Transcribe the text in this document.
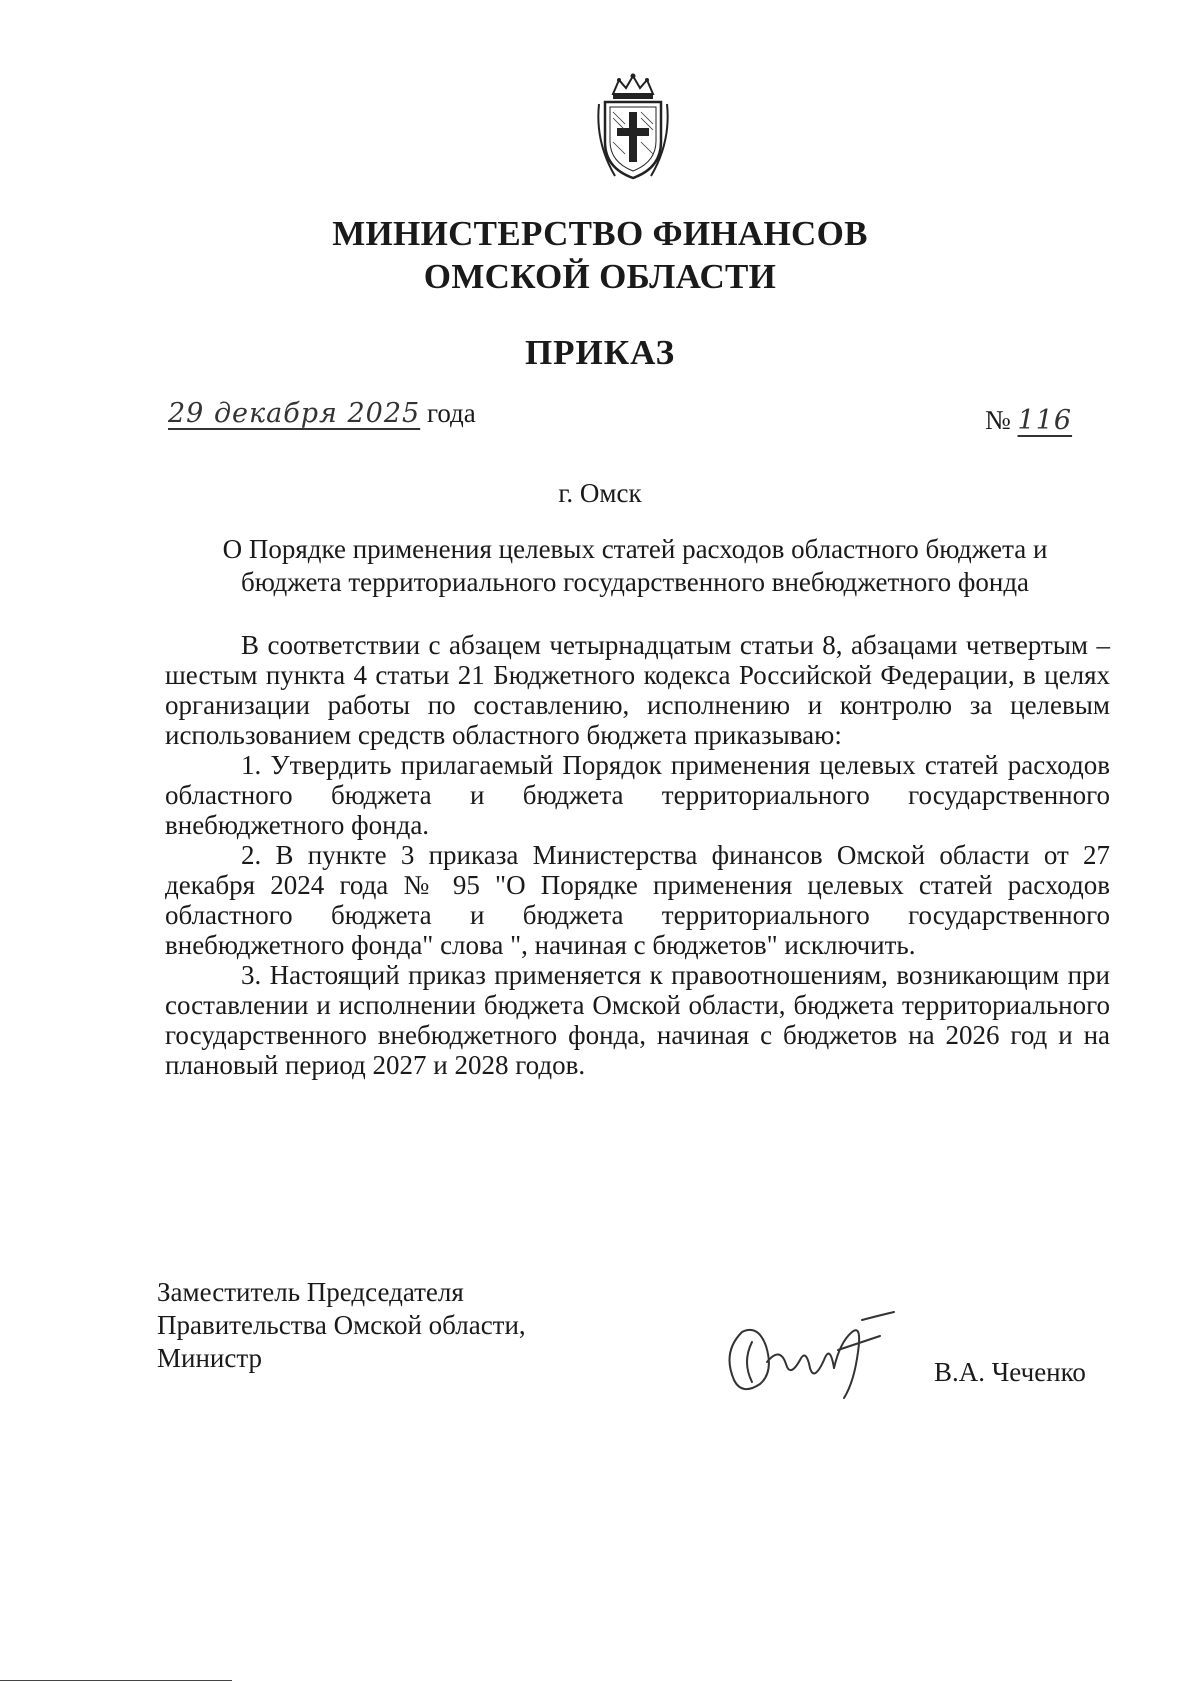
МИНИСТЕРСТВО ФИНАНСОВ
ОМСКОЙ ОБЛАСТИ
ПРИКАЗ
29 декабря 2025 года	№ 116
г. Омск
О Порядке применения целевых статей расходов областного бюджета и бюджета территориального государственного внебюджетного фонда

В соответствии с абзацем четырнадцатым статьи 8, абзацами четвертым – шестым пункта 4 статьи 21 Бюджетного кодекса Российской Федерации, в целях организации работы по составлению, исполнению и контролю за целевым использованием средств областного бюджета приказываю:

1. Утвердить прилагаемый Порядок применения целевых статей расходов областного бюджета и бюджета территориального государственного внебюджетного фонда.

2. В пункте 3 приказа Министерства финансов Омской области от 27 декабря 2024 года № 95 "О Порядке применения целевых статей расходов областного бюджета и бюджета территориального государственного внебюджетного фонда" слова ", начиная с бюджетов" исключить.

3. Настоящий приказ применяется к правоотношениям, возникающим при составлении и исполнении бюджета Омской области, бюджета территориального государственного внебюджетного фонда, начиная с бюджетов на 2026 год и на плановый период 2027 и 2028 годов.

Заместитель Председателя
Правительства Омской области,
Министр	В.А. Чеченко
